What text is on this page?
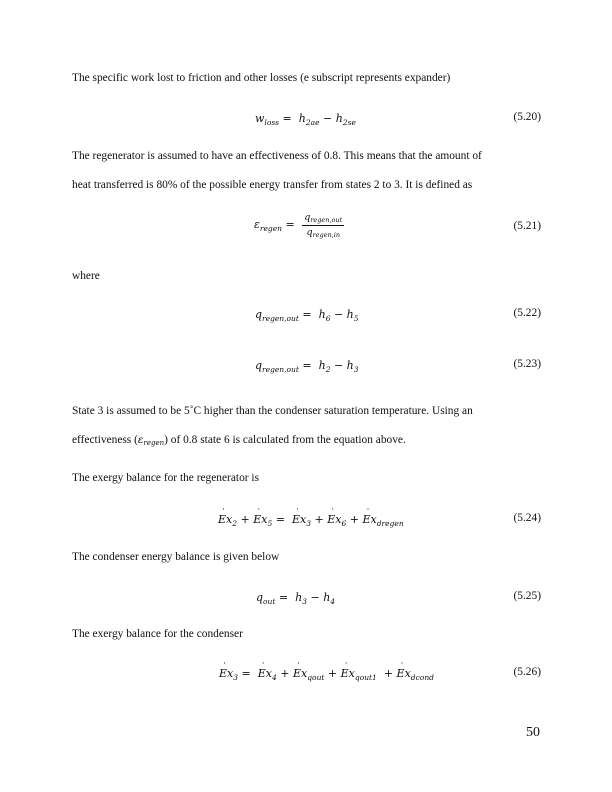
The specific work lost to friction and other losses (e subscript represents expander)

$w_{loss} = h_{2ae} - h_{2se}$	(5.20)

The regenerator is assumed to have an effectiveness of 0.8. This means that the amount of

heat transferred is 80% of the possible energy transfer from states 2 to 3. It is defined as

$\varepsilon_{regen} = \frac{q_{regen,out}}{q_{regen,in}}$	(5.21)

where

$q_{regen,out} = h_6 - h_5$	(5.22)
$q_{regen,out} = h_2 - h_3$	(5.23)

State 3 is assumed to be 5˚C higher than the condenser saturation temperature. Using an

effectiveness $(\varepsilon_{regen})$ of 0.8 state 6 is calculated from the equation above.

The exergy balance for the regenerator is

E $˙x_2 + E$ $˙x_5 = E$ $˙x_3 + E$ $˙x_6 + E$ $˙x_{dregen}$	(5.24)

The condenser energy balance is given below

$q_{out} = h_3 - h_4$	(5.25)

The exergy balance for the condenser

E $˙x_3 = E$ $˙x_4 + E$ $˙x_{qout} + E$ $˙x_{qout1} + E$ $˙x_{dcond}$	(5.26)
50
